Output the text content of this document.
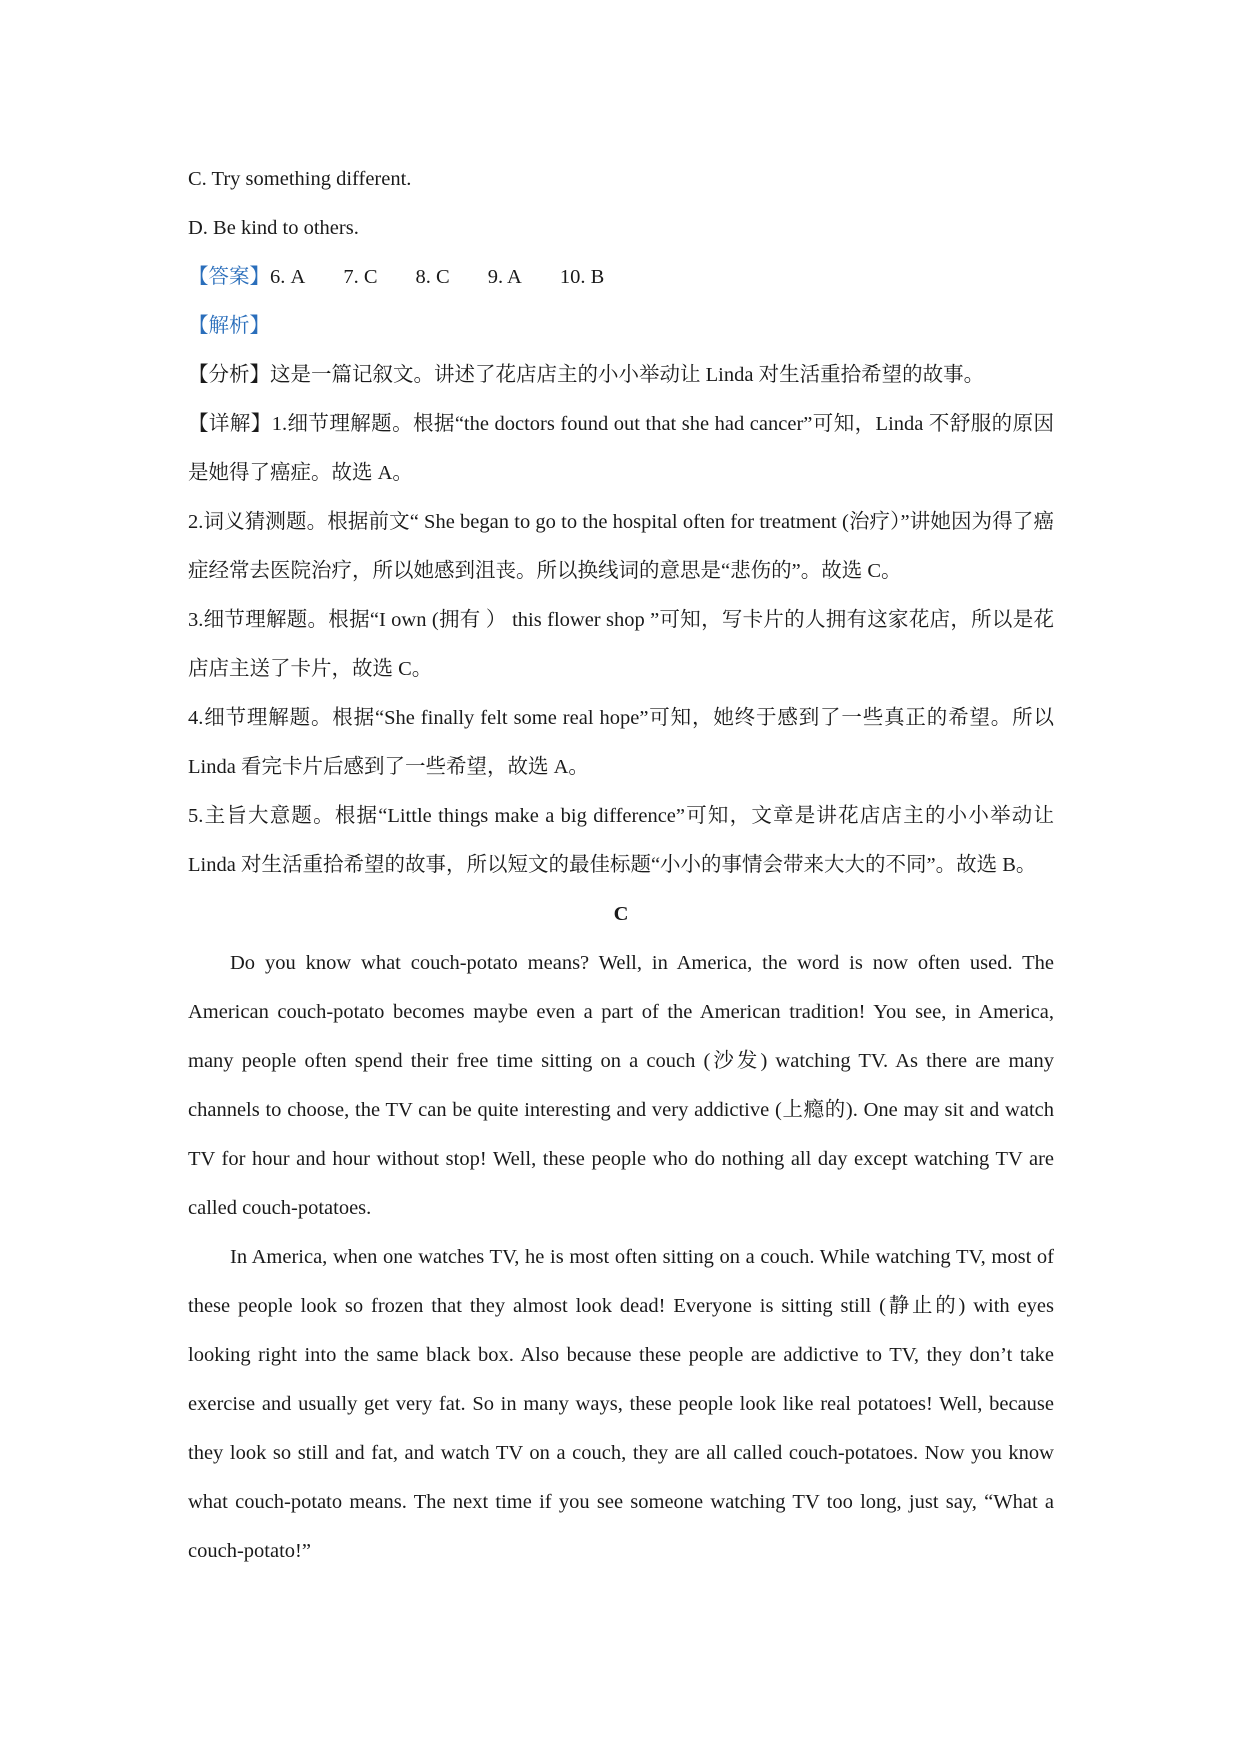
C. Try something different.
D. Be kind to others.
【答案】6. A 7. C 8. C 9. A 10. B
【解析】
【分析】这是一篇记叙文。讲述了花店店主的小小举动让 Linda 对生活重拾希望的故事。
【详解】1.细节理解题。根据“the doctors found out that she had cancer”可知，Linda 不舒服的原因是她得了癌症。故选 A。
2.词义猜测题。根据前文“ She began to go to the hospital often for treatment (治疗）”讲她因为得了癌症经常去医院治疗，所以她感到沮丧。所以换线词的意思是“悲伤的”。故选 C。
3.细节理解题。根据“I own (拥有 ） this flower shop ”可知，写卡片的人拥有这家花店，所以是花店店主送了卡片，故选 C。
4.细节理解题。根据“She finally felt some real hope”可知，她终于感到了一些真正的希望。所以 Linda 看完卡片后感到了一些希望，故选 A。
5.主旨大意题。根据“Little things make a big difference”可知，文章是讲花店店主的小小举动让 Linda 对生活重拾希望的故事，所以短文的最佳标题“小小的事情会带来大大的不同”。故选 B。
C
Do you know what couch-potato means? Well, in America, the word is now often used. The American couch-potato becomes maybe even a part of the American tradition! You see, in America, many people often spend their free time sitting on a couch (沙发) watching TV. As there are many channels to choose, the TV can be quite interesting and very addictive (上瘾的). One may sit and watch TV for hour and hour without stop! Well, these people who do nothing all day except watching TV are called couch-potatoes.
In America, when one watches TV, he is most often sitting on a couch. While watching TV, most of these people look so frozen that they almost look dead! Everyone is sitting still (静止的) with eyes looking right into the same black box. Also because these people are addictive to TV, they don’t take exercise and usually get very fat. So in many ways, these people look like real potatoes! Well, because they look so still and fat, and watch TV on a couch, they are all called couch-potatoes. Now you know what couch-potato means. The next time if you see someone watching TV too long, just say, “What a couch-potato!”
